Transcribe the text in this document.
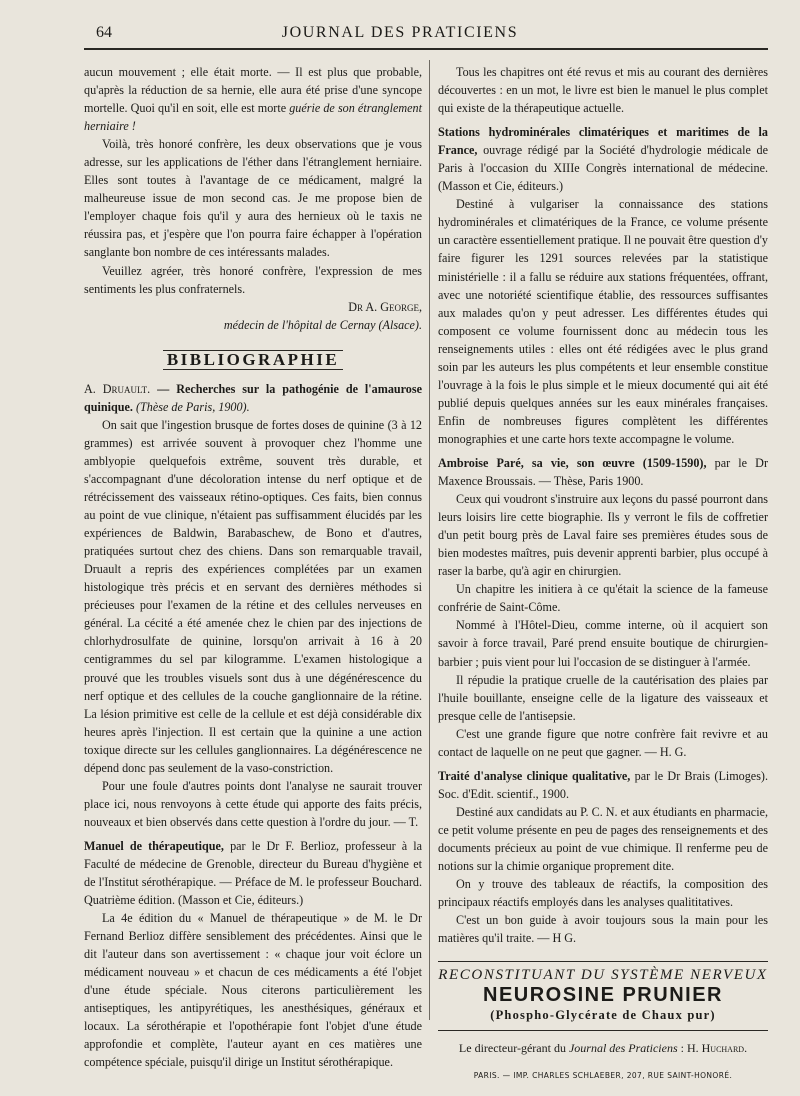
64	JOURNAL DES PRATICIENS

aucun mouvement ; elle était morte. — Il est plus que probable, qu'après la réduction de sa hernie, elle aura été prise d'une syncope mortelle. Quoi qu'il en soit, elle est morte guérie de son étranglement herniaire !

Voilà, très honoré confrère, les deux observations que je vous adresse, sur les applications de l'éther dans l'étranglement herniaire. Elles sont toutes à l'avantage de ce médicament, malgré la malheureuse issue de mon second cas. Je me propose bien de l'employer chaque fois qu'il y aura des hernieux où le taxis ne réussira pas, et j'espère que l'on pourra faire échapper à l'opération sanglante bon nombre de ces intéressants malades.

Veuillez agréer, très honoré confrère, l'expression de mes sentiments les plus confraternels.

Dr A. George,

médecin de l'hôpital de Cernay (Alsace).

BIBLIOGRAPHIE

A. Druault. — Recherches sur la pathogénie de l'amaurose quinique. (Thèse de Paris, 1900).

On sait que l'ingestion brusque de fortes doses de quinine (3 à 12 grammes) est arrivée souvent à provoquer chez l'homme une amblyopie quelquefois extrême, souvent très durable, et s'accompagnant d'une décoloration intense du nerf optique et de rétrécissement des vaisseaux rétino-optiques. Ces faits, bien connus au point de vue clinique, n'étaient pas suffisamment élucidés par les expériences de Baldwin, Barabaschew, de Bono et d'autres, pratiquées surtout chez des chiens. Dans son remarquable travail, Druault a repris des expériences complétées par un examen histologique très précis et en servant des dernières méthodes si précieuses pour l'examen de la rétine et des cellules nerveuses en général. La cécité a été amenée chez le chien par des injections de chlorhydrosulfate de quinine, lorsqu'on arrivait à 16 à 20 centigrammes du sel par kilogramme. L'examen histologique a prouvé que les troubles visuels sont dus à une dégénérescence du nerf optique et des cellules de la couche ganglionnaire de la rétine. La lésion primitive est celle de la cellule et est déjà considérable dix heures après l'injection. Il est certain que la quinine a une action toxique directe sur les cellules ganglionnaires. La dégénérescence ne dépend donc pas seulement de la vaso-constriction.

Pour une foule d'autres points dont l'analyse ne saurait trouver place ici, nous renvoyons à cette étude qui apporte des faits précis, nouveaux et bien observés dans cette question à l'ordre du jour. — T.

Manuel de thérapeutique, par le Dr F. Berlioz, professeur à la Faculté de médecine de Grenoble, directeur du Bureau d'hygiène et de l'Institut sérothérapique. — Préface de M. le professeur Bouchard. Quatrième édition. (Masson et Cie, éditeurs.)

La 4e édition du « Manuel de thérapeutique » de M. le Dr Fernand Berlioz diffère sensiblement des précédentes. Ainsi que le dit l'auteur dans son avertissement : « chaque jour voit éclore un médicament nouveau » et chacun de ces médicaments a été l'objet d'une étude spéciale. Nous citerons particulièrement les antiseptiques, les antipyrétiques, les anesthésiques, généraux et locaux. La sérothérapie et l'opothérapie font l'objet d'une étude approfondie et complète, l'auteur ayant en ces matières une compétence spéciale, puisqu'il dirige un Institut sérothérapique.

Tous les chapitres ont été revus et mis au courant des dernières découvertes : en un mot, le livre est bien le manuel le plus complet qui existe de la thérapeutique actuelle.

Stations hydrominérales climatériques et maritimes de la France, ouvrage rédigé par la Société d'hydrologie médicale de Paris à l'occasion du XIIIe Congrès international de médecine. (Masson et Cie, éditeurs.)

Destiné à vulgariser la connaissance des stations hydrominérales et climatériques de la France, ce volume présente un caractère essentiellement pratique. Il ne pouvait être question d'y faire figurer les 1291 sources relevées par la statistique ministérielle : il a fallu se réduire aux stations fréquentées, offrant, avec une notoriété scientifique établie, des ressources suffisantes aux malades qu'on y peut adresser. Les différentes études qui composent ce volume fournissent donc au médecin tous les renseignements utiles : elles ont été rédigées avec le plus grand soin par les auteurs les plus compétents et leur ensemble constitue l'ouvrage à la fois le plus simple et le mieux documenté qui ait été publié depuis quelques années sur les eaux minérales françaises. Enfin de nombreuses figures complètent les différentes monographies et une carte hors texte accompagne le volume.

Ambroise Paré, sa vie, son œuvre (1509-1590), par le Dr Maxence Broussais. — Thèse, Paris 1900.

Ceux qui voudront s'instruire aux leçons du passé pourront dans leurs loisirs lire cette biographie. Ils y verront le fils de coffretier d'un petit bourg près de Laval faire ses premières études sous de bien modestes maîtres, puis devenir apprenti barbier, plus occupé à raser la barbe, qu'à agir en chirurgien.

Un chapitre les initiera à ce qu'était la science de la fameuse confrérie de Saint-Côme.

Nommé à l'Hôtel-Dieu, comme interne, où il acquiert son savoir à force travail, Paré prend ensuite boutique de chirurgien-barbier ; puis vient pour lui l'occasion de se distinguer à l'armée.

Il répudie la pratique cruelle de la cautérisation des plaies par l'huile bouillante, enseigne celle de la ligature des vaisseaux et presque celle de l'antisepsie.

C'est une grande figure que notre confrère fait revivre et au contact de laquelle on ne peut que gagner. — H. G.

Traité d'analyse clinique qualitative, par le Dr Brais (Limoges). Soc. d'Edit. scientif., 1900.

Destiné aux candidats au P. C. N. et aux étudiants en pharmacie, ce petit volume présente en peu de pages des renseignements et des documents précieux au point de vue chimique. Il renferme peu de notions sur la chimie organique proprement dite.

On y trouve des tableaux de réactifs, la composition des principaux réactifs employés dans les analyses qualititatives.

C'est un bon guide à avoir toujours sous la main pour les matières qu'il traite. — H G.

RECONSTITUANT DU SYSTÈME NERVEUX
NEUROSINE PRUNIER
(Phospho-Glycérate de Chaux pur)
Le directeur-gérant du Journal des Praticiens : H. Huchard.
PARIS. — IMP. CHARLES SCHLAEBER, 207, RUE SAINT-HONORÉ.
